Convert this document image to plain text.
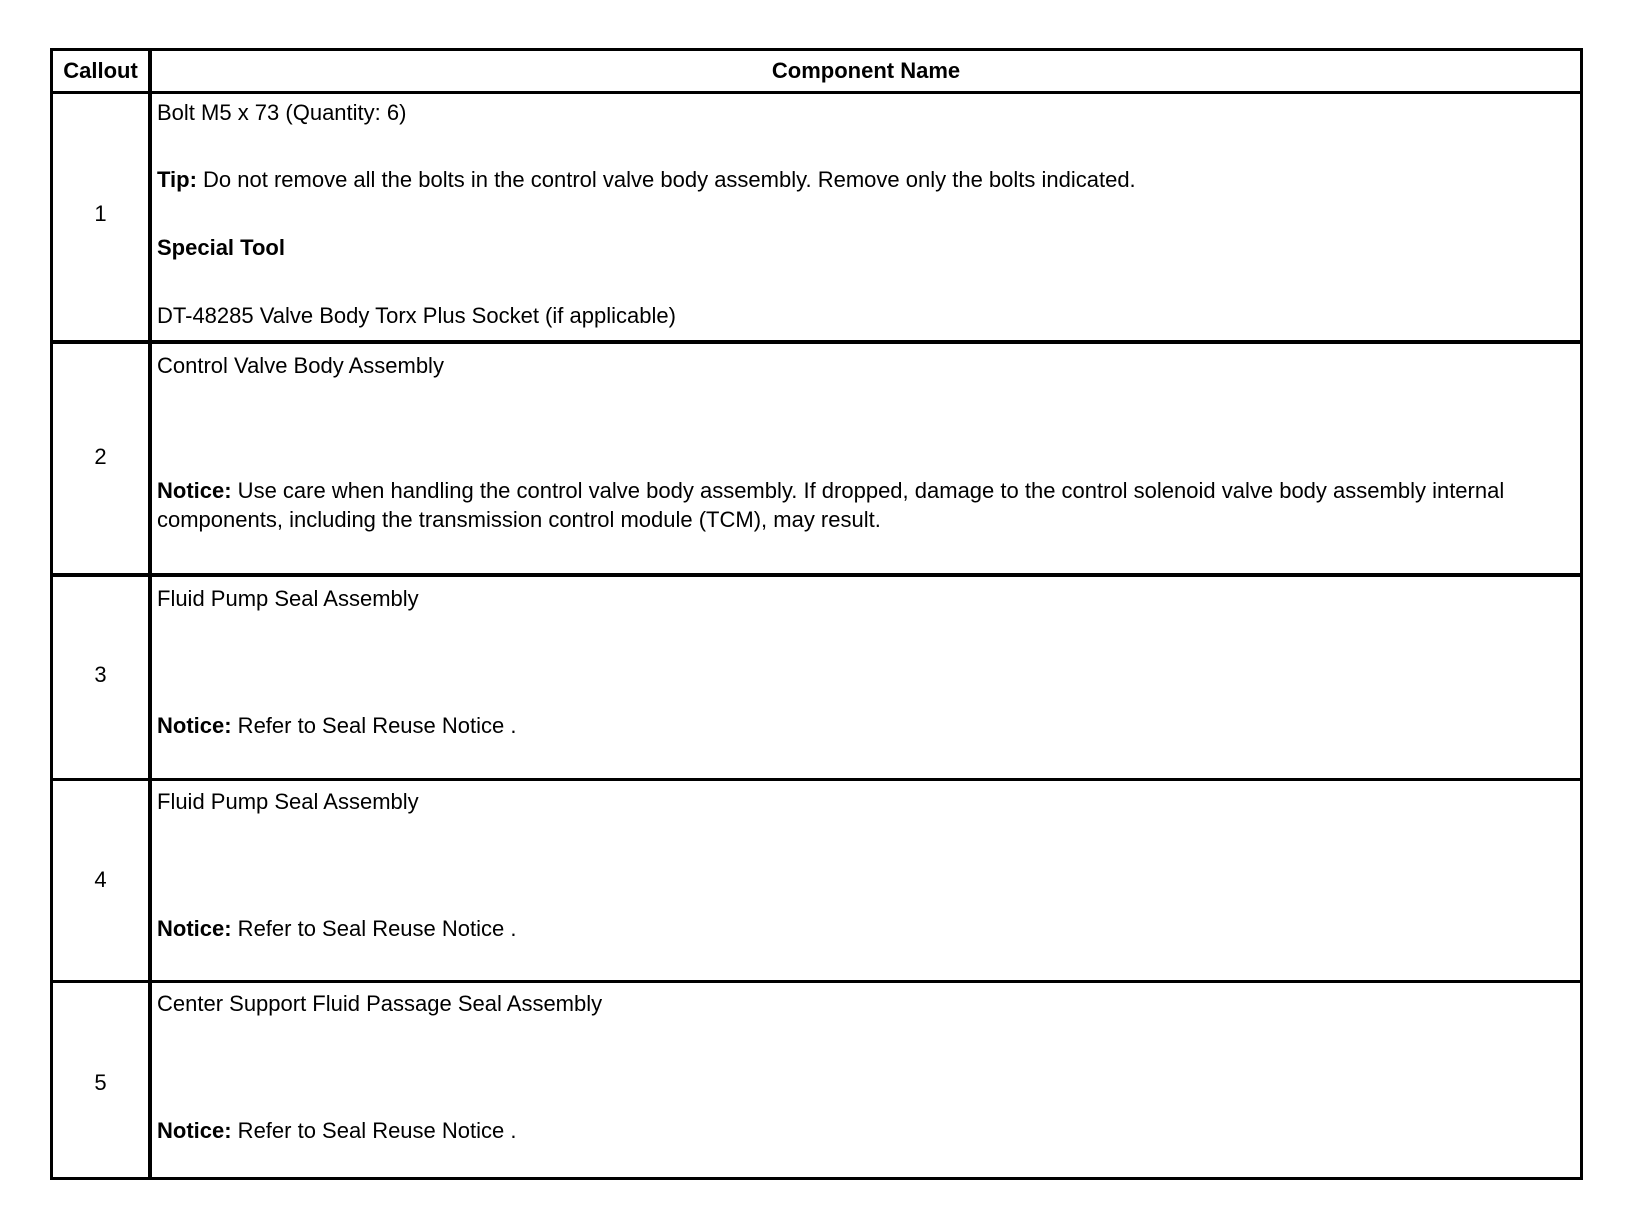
Callout	Component Name
1
Bolt M5 x 73 (Quantity: 6)
Tip: Do not remove all the bolts in the control valve body assembly. Remove only the bolts indicated.
Special Tool
DT-48285 Valve Body Torx Plus Socket (if applicable)
2
Control Valve Body Assembly
Notice: Use care when handling the control valve body assembly. If dropped, damage to the control solenoid valve body assembly internal components, including the transmission control module (TCM), may result.
3
Fluid Pump Seal Assembly
Notice: Refer to Seal Reuse Notice .
4
Fluid Pump Seal Assembly
Notice: Refer to Seal Reuse Notice .
5
Center Support Fluid Passage Seal Assembly
Notice: Refer to Seal Reuse Notice .
